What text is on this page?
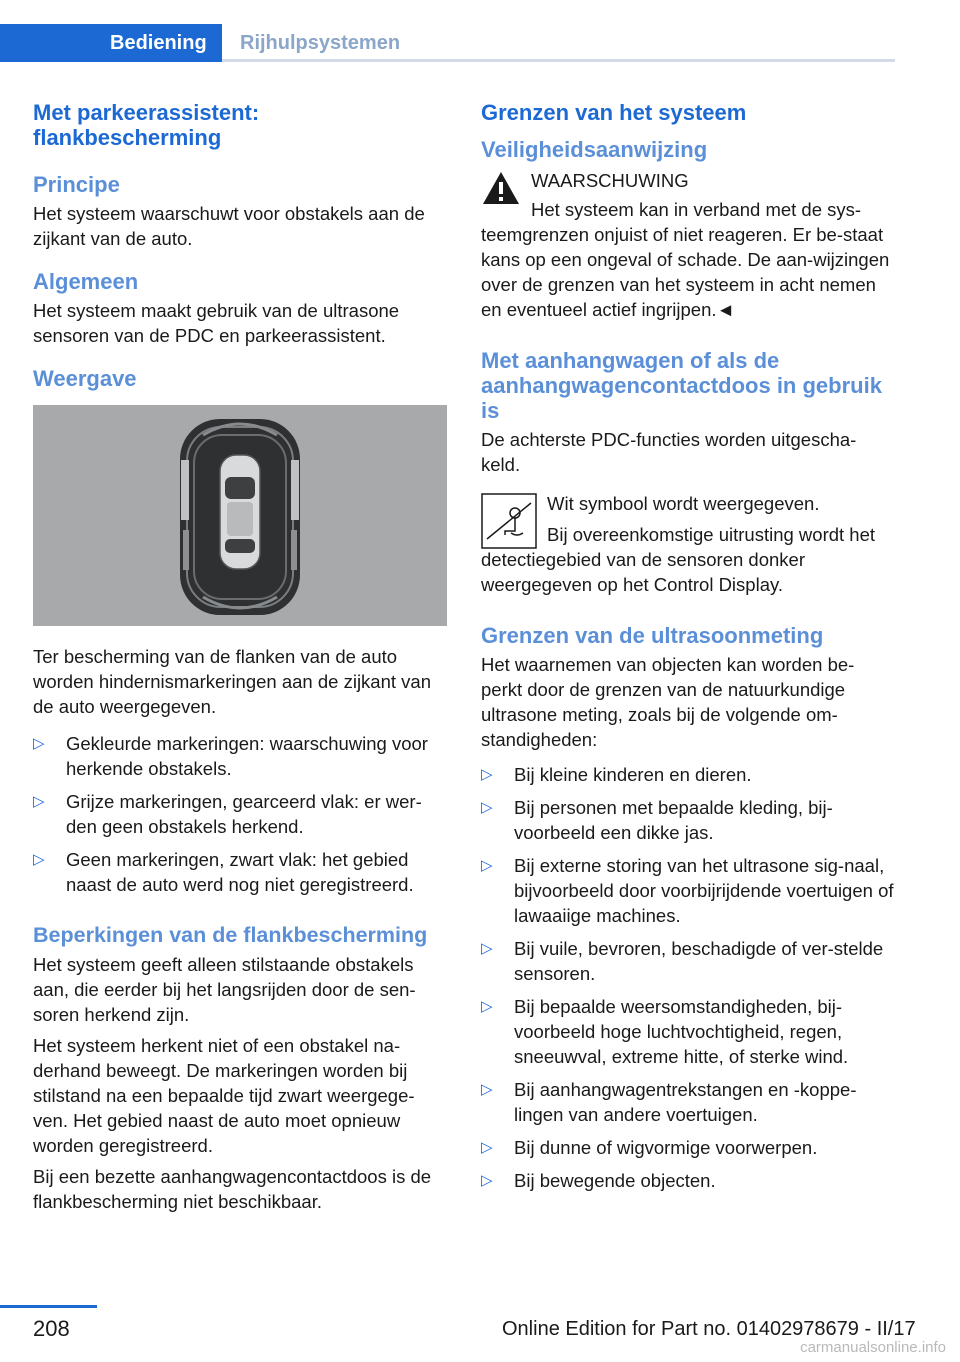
Bediening	Rijhulpsystemen
Met parkeerassistent: flankbescherming
Principe

Het systeem waarschuwt voor obstakels aan de zijkant van de auto.

Algemeen

Het systeem maakt gebruik van de ultrasone sensoren van de PDC en parkeerassistent.

Weergave

Ter bescherming van de flanken van de auto worden hindernismarkeringen aan de zijkant van de auto weergegeven.

▷ Gekleurde markeringen: waarschuwing voor herkende obstakels.
▷ Grijze markeringen, gearceerd vlak: er wer-den geen obstakels herkend.
▷ Geen markeringen, zwart vlak: het gebied naast de auto werd nog niet geregistreerd.
Beperkingen van de flankbescherming

Het systeem geeft alleen stilstaande obstakels aan, die eerder bij het langsrijden door de sen-soren herkend zijn.

Het systeem herkent niet of een obstakel na-derhand beweegt. De markeringen worden bij stilstand na een bepaalde tijd zwart weergege-ven. Het gebied naast de auto moet opnieuw worden geregistreerd.

Bij een bezette aanhangwagencontactdoos is de flankbescherming niet beschikbaar.

Grenzen van het systeem
Veiligheidsaanwijzing

WAARSCHUWING

Het systeem kan in verband met de sys-teemgrenzen onjuist of niet reageren. Er be-staat kans op een ongeval of schade. De aan-wijzingen over de grenzen van het systeem in acht nemen en eventueel actief ingrijpen.◄

Met aanhangwagen of als de aanhangwagencontactdoos in gebruik is

De achterste PDC-functies worden uitgescha-keld.

Wit symbool wordt weergegeven.

Bij overeenkomstige uitrusting wordt het detectiegebied van de sensoren donker weergegeven op het Control Display.

Grenzen van de ultrasoonmeting

Het waarnemen van objecten kan worden be-perkt door de grenzen van de natuurkundige ultrasone meting, zoals bij de volgende om-standigheden:

▷ Bij kleine kinderen en dieren.
▷ Bij personen met bepaalde kleding, bij-voorbeeld een dikke jas.
▷ Bij externe storing van het ultrasone sig-naal, bijvoorbeeld door voorbijrijdende voertuigen of lawaaiige machines.
▷ Bij vuile, bevroren, beschadigde of ver-stelde sensoren.
▷ Bij bepaalde weersomstandigheden, bij-voorbeeld hoge luchtvochtigheid, regen, sneeuwval, extreme hitte, of sterke wind.
▷ Bij aanhangwagentrekstangen en -koppe-lingen van andere voertuigen.
▷ Bij dunne of wigvormige voorwerpen.
▷ Bij bewegende objecten.
208	Online Edition for Part no. 01402978679 - II/17
carmanualsonline.info
